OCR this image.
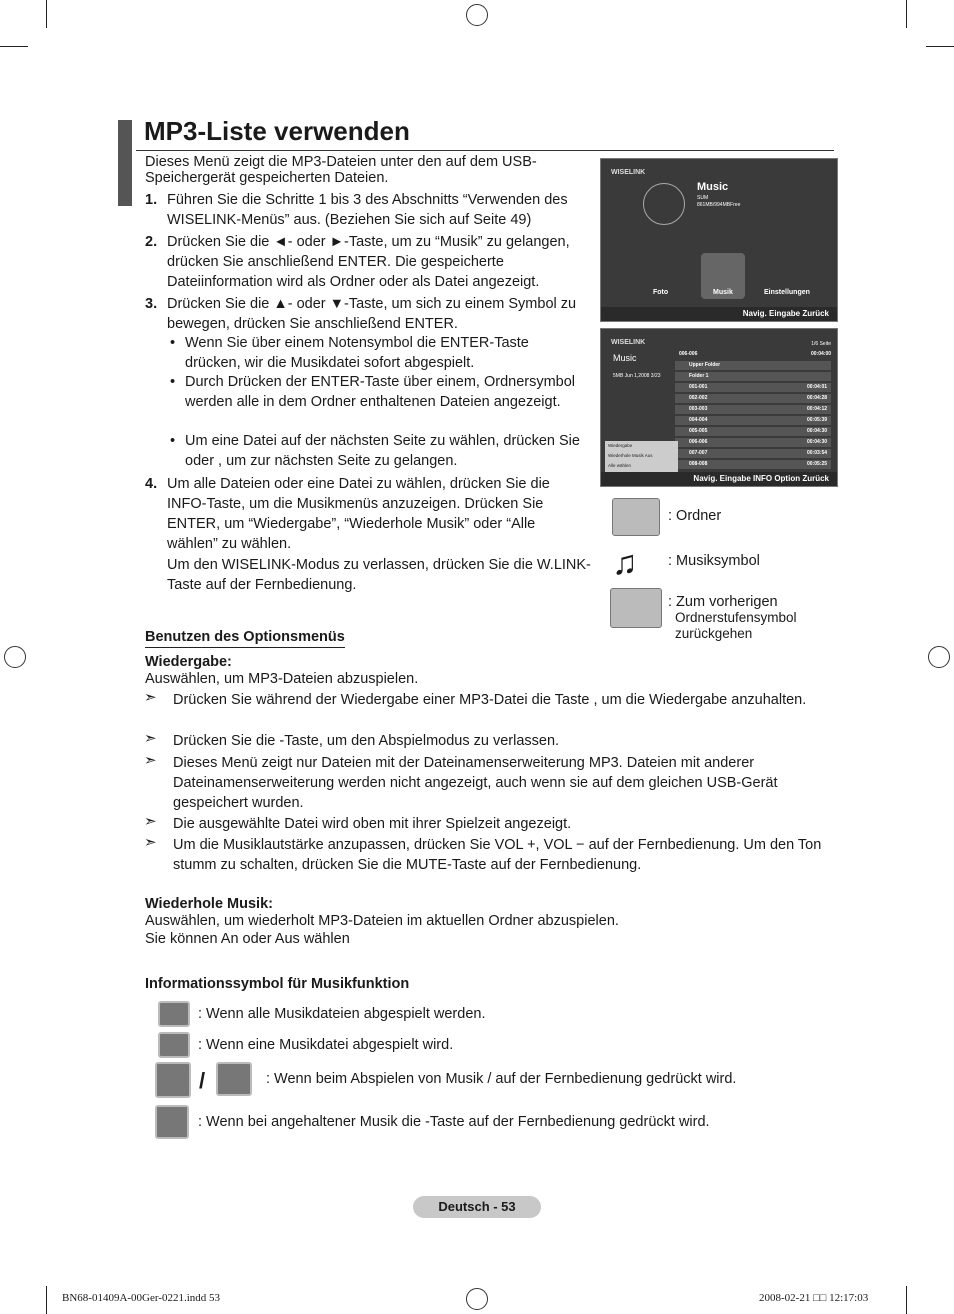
MP3-Liste verwenden

Dieses Menü zeigt die MP3-Dateien unter den auf dem USB-Speichergerät gespeicherten Dateien.

1. Führen Sie die Schritte 1 bis 3 des Abschnitts “Verwenden des WISELINK-Menüs” aus. (Beziehen Sie sich auf Seite 49)

2. Drücken Sie die ◄- oder ►-Taste, um zu “Musik” zu gelangen, drücken Sie anschließend ENTER. Die gespeicherte Dateiinformation wird als Ordner oder als Datei angezeigt.

3. Drücken Sie die ▲- oder ▼-Taste, um sich zu einem Symbol zu bewegen, drücken Sie anschließend ENTER.

• Wenn Sie über einem Notensymbol die ENTER-Taste drücken, wir die Musikdatei sofort abgespielt.

• Durch Drücken der ENTER-Taste über einem, Ordnersymbol werden alle in dem Ordner enthaltenen Dateien angezeigt.

• Um eine Datei auf der nächsten Seite zu wählen, drücken Sie oder , um zur nächsten Seite zu gelangen.

4. Um alle Dateien oder eine Datei zu wählen, drücken Sie die INFO-Taste, um die Musikmenüs anzuzeigen. Drücken Sie ENTER, um “Wiedergabe”, “Wiederhole Musik” oder “Alle wählen” zu wählen.

Um den WISELINK-Modus zu verlassen, drücken Sie die W.LINK-Taste auf der Fernbedienung.

WISELINK
Music
SUM
861MB/994MBFree
Foto	Musik	Einstellungen
Navig. Eingabe Zurück
WISELINK
Music
5MB Jun 1,2008 3/23
1/6 Seite
006-006	00:04:00
Upper Folder
Folder 1
001-001	00:04:01
002-002	00:04:28
003-003	00:04:12
004-004	00:05:39
005-005	00:04:30
006-006	00:04:30
007-007	00:03:54
008-008	00:05:25
Wiedergabe
Wiederhole Musik Aus
Alle wählen
Navig. Eingabe INFO Option Zurück

: Ordner

♫ : Musiksymbol

: Zum vorherigen

Ordnerstufensymbol

zurückgehen

Benutzen des Optionsmenüs

Wiedergabe:

Auswählen, um MP3-Dateien abzuspielen.

➣ Drücken Sie während der Wiedergabe einer MP3-Datei die Taste , um die Wiedergabe anzuhalten.

➣ Drücken Sie die -Taste, um den Abspielmodus zu verlassen.

➣ Dieses Menü zeigt nur Dateien mit der Dateinamenserweiterung MP3. Dateien mit anderer Dateinamenserweiterung werden nicht angezeigt, auch wenn sie auf dem gleichen USB-Gerät gespeichert wurden.

➣ Die ausgewählte Datei wird oben mit ihrer Spielzeit angezeigt.

➣ Um die Musiklautstärke anzupassen, drücken Sie VOL +, VOL − auf der Fernbedienung. Um den Ton stumm zu schalten, drücken Sie die MUTE-Taste auf der Fernbedienung.

Wiederhole Musik:

Auswählen, um wiederholt MP3-Dateien im aktuellen Ordner abzuspielen.

Sie können An oder Aus wählen

Informationssymbol für Musikfunktion

: Wenn alle Musikdateien abgespielt werden.

: Wenn eine Musikdatei abgespielt wird.

/	: Wenn beim Abspielen von Musik / auf der Fernbedienung gedrückt wird.

: Wenn bei angehaltener Musik die -Taste auf der Fernbedienung gedrückt wird.

Deutsch - 53

BN68-01409A-00Ger-0221.indd 53	2008-02-21 □□ 12:17:03
